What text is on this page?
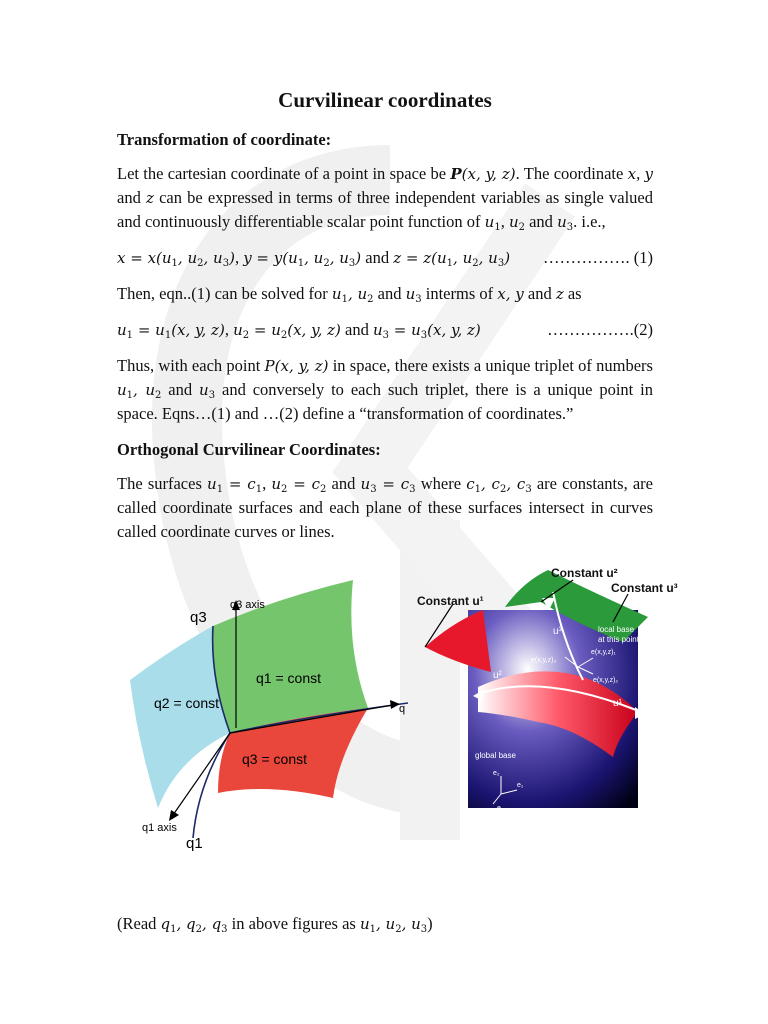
Curvilinear coordinates
Transformation of coordinate:

Let the cartesian coordinate of a point in space be P(x, y, z). The coordinate x, y and z can be expressed in terms of three independent variables as single valued and continuously differentiable scalar point function of $u_1$, $u_2$ and $u_3$. i.e.,

$x = x(u_1$, $u_2$, $u_3$), $y = y(u_1$, $u_2$, $u_3$) and $z = z(u_1$, $u_2$, $u_3$) ……………. (1)

Then, eqn..(1) can be solved for $u_1$, $u_2$ and $u_3$ interms of x, y and z as

$u_1 = u_1(x$, y, z), $u_2 = u_2(x$, y, z) and $u_3 = u_3(x$, y, z)	…………….(2)

Thus, with each point P(x, y, z) in space, there exists a unique triplet of numbers $u_1$, $u_2$ and $u_3$ and conversely to each such triplet, there is a unique point in space. Eqns…(1) and …(2) define a “transformation of coordinates.”

Orthogonal Curvilinear Coordinates:

The surfaces $u_1 = c_1$, $u_2 = c_2$ and $u_3 = c_3$ where $c_1$, $c_2$, $c_3$ are constants, are called coordinate surfaces and each plane of these surfaces intersect in curves called coordinate curves or lines.

q3 axis
q3
q1 = const
q2 = const
q3 = const
q
q1 axis
q1
Constant u²
Constant u³
Constant u¹
u³	local base
at this point
e(x,y,z)₁
e(x,y,z)₃
e(x,y,z)₂
u²
u¹
global base
e₂
e₁
e₃
(Read $q_1$, $q_2$, $q_3$ in above figures as $u_1$, $u_2$, $u_3$)
